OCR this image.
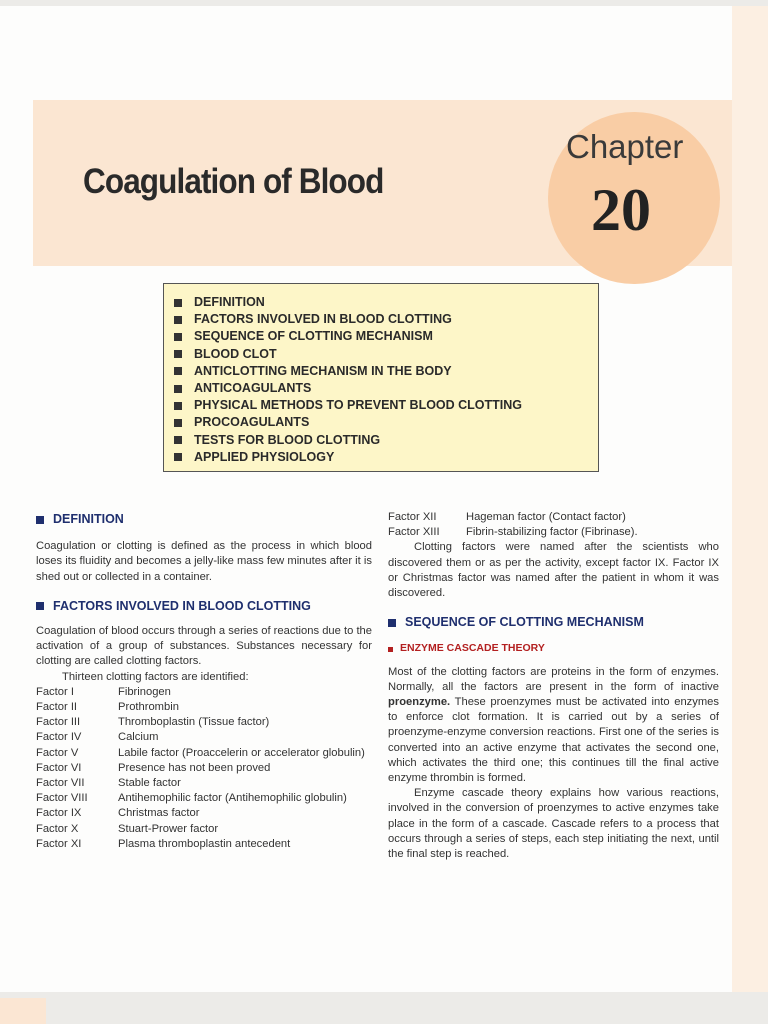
Chapter
20
Coagulation of Blood
DEFINITION
FACTORS INVOLVED IN BLOOD CLOTTING
SEQUENCE OF CLOTTING MECHANISM
BLOOD CLOT
ANTICLOTTING MECHANISM IN THE BODY
ANTICOAGULANTS
PHYSICAL METHODS TO PREVENT BLOOD CLOTTING
PROCOAGULANTS
TESTS FOR BLOOD CLOTTING
APPLIED PHYSIOLOGY
DEFINITION

Coagulation or clotting is defined as the process in which blood loses its fluidity and becomes a jelly-like mass few minutes after it is shed out or collected in a container.

FACTORS INVOLVED IN BLOOD CLOTTING

Coagulation of blood occurs through a series of reactions due to the activation of a group of substances. Substances necessary for clotting are called clotting factors.

Thirteen clotting factors are identified:

Factor I	Fibrinogen
Factor II	Prothrombin
Factor III	Thromboplastin (Tissue factor)
Factor IV	Calcium
Factor V	Labile factor (Proaccelerin or accelerator globulin)
Factor VI	Presence has not been proved
Factor VII	Stable factor
Factor VIII	Antihemophilic factor (Antihemophilic globulin)
Factor IX	Christmas factor
Factor X	Stuart-Prower factor
Factor XI	Plasma thromboplastin antecedent
Factor XII	Hageman factor (Contact factor)
Factor XIII	Fibrin-stabilizing factor (Fibrinase).

Clotting factors were named after the scientists who discovered them or as per the activity, except factor IX. Factor IX or Christmas factor was named after the patient in whom it was discovered.

SEQUENCE OF CLOTTING MECHANISM
ENZYME CASCADE THEORY

Most of the clotting factors are proteins in the form of enzymes. Normally, all the factors are present in the form of inactive proenzyme. These proenzymes must be activated into enzymes to enforce clot formation. It is carried out by a series of proenzyme-enzyme conversion reactions. First one of the series is converted into an active enzyme that activates the second one, which activates the third one; this continues till the final active enzyme thrombin is formed.

Enzyme cascade theory explains how various reactions, involved in the conversion of proenzymes to active enzymes take place in the form of a cascade. Cascade refers to a process that occurs through a series of steps, each step initiating the next, until the final step is reached.
